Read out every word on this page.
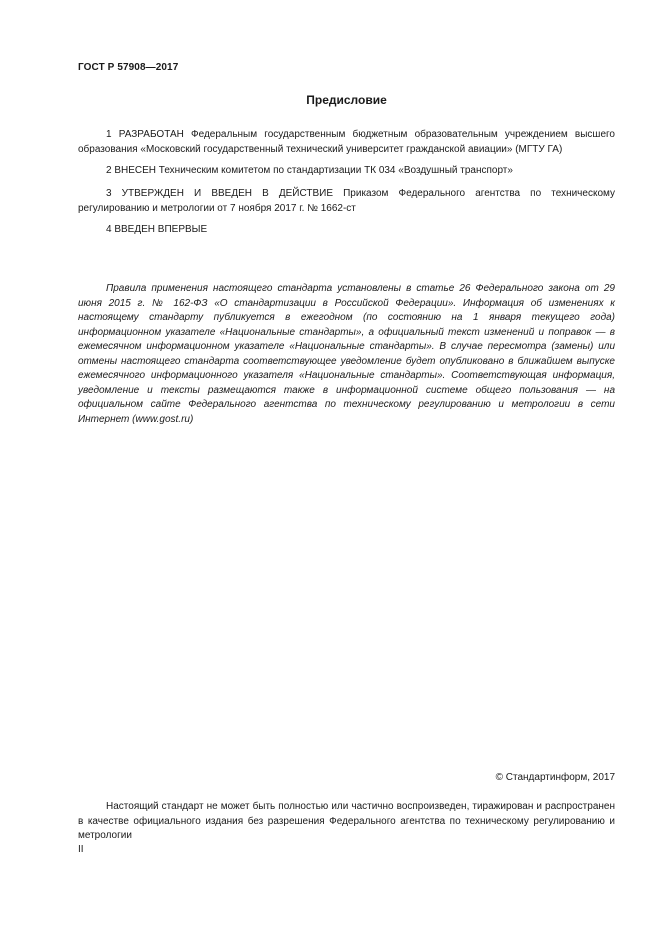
ГОСТ Р 57908—2017
Предисловие
1 РАЗРАБОТАН Федеральным государственным бюджетным образовательным учреждением высшего образования «Московский государственный технический университет гражданской авиации» (МГТУ ГА)
2 ВНЕСЕН Техническим комитетом по стандартизации ТК 034 «Воздушный транспорт»
3 УТВЕРЖДЕН И ВВЕДЕН В ДЕЙСТВИЕ Приказом Федерального агентства по техническому регулированию и метрологии от 7 ноября 2017 г. № 1662-ст
4 ВВЕДЕН ВПЕРВЫЕ
Правила применения настоящего стандарта установлены в статье 26 Федерального закона от 29 июня 2015 г. № 162-ФЗ «О стандартизации в Российской Федерации». Информация об изменениях к настоящему стандарту публикуется в ежегодном (по состоянию на 1 января текущего года) информационном указателе «Национальные стандарты», а официальный текст изменений и поправок — в ежемесячном информационном указателе «Национальные стандарты». В случае пересмотра (замены) или отмены настоящего стандарта соответствующее уведомление будет опубликовано в ближайшем выпуске ежемесячного информационного указателя «Национальные стандарты». Соответствующая информация, уведомление и тексты размещаются также в информационной системе общего пользования — на официальном сайте Федерального агентства по техническому регулированию и метрологии в сети Интернет (www.gost.ru)
© Стандартинформ, 2017
Настоящий стандарт не может быть полностью или частично воспроизведен, тиражирован и распространен в качестве официального издания без разрешения Федерального агентства по техническому регулированию и метрологии
II
